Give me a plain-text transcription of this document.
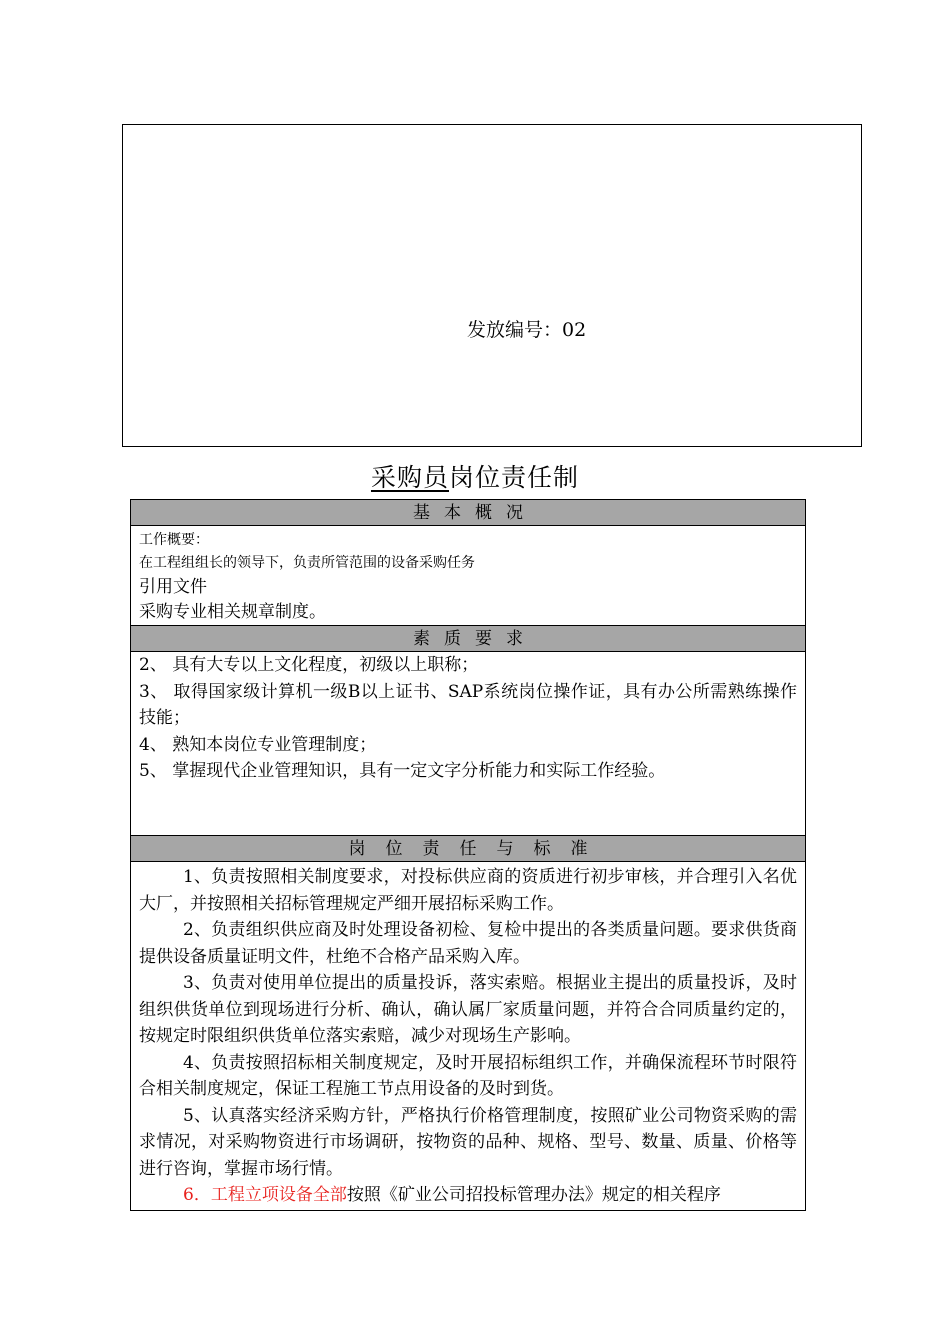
发放编号：02
采购员岗位责任制
基本概况
工作概要：
在工程组组长的领导下，负责所管范围的设备采购任务
引用文件
采购专业相关规章制度。
素质要求

2、 具有大专以上文化程度，初级以上职称；

3、 取得国家级计算机一级B以上证书、SAP系统岗位操作证，具有办公所需熟练操作技能；

4、 熟知本岗位专业管理制度；

5、 掌握现代企业管理知识，具有一定文字分析能力和实际工作经验。

岗位责任与标准

1、负责按照相关制度要求，对投标供应商的资质进行初步审核，并合理引入名优大厂，并按照相关招标管理规定严细开展招标采购工作。

2、负责组织供应商及时处理设备初检、复检中提出的各类质量问题。要求供货商提供设备质量证明文件，杜绝不合格产品采购入库。

3、负责对使用单位提出的质量投诉，落实索赔。根据业主提出的质量投诉，及时组织供货单位到现场进行分析、确认，确认属厂家质量问题，并符合合同质量约定的，按规定时限组织供货单位落实索赔，减少对现场生产影响。

4、负责按照招标相关制度规定，及时开展招标组织工作，并确保流程环节时限符合相关制度规定，保证工程施工节点用设备的及时到货。

5、认真落实经济采购方针，严格执行价格管理制度，按照矿业公司物资采购的需求情况，对采购物资进行市场调研，按物资的品种、规格、型号、数量、质量、价格等进行咨询，掌握市场行情。

6．工程立项设备全部按照《矿业公司招投标管理办法》规定的相关程序
